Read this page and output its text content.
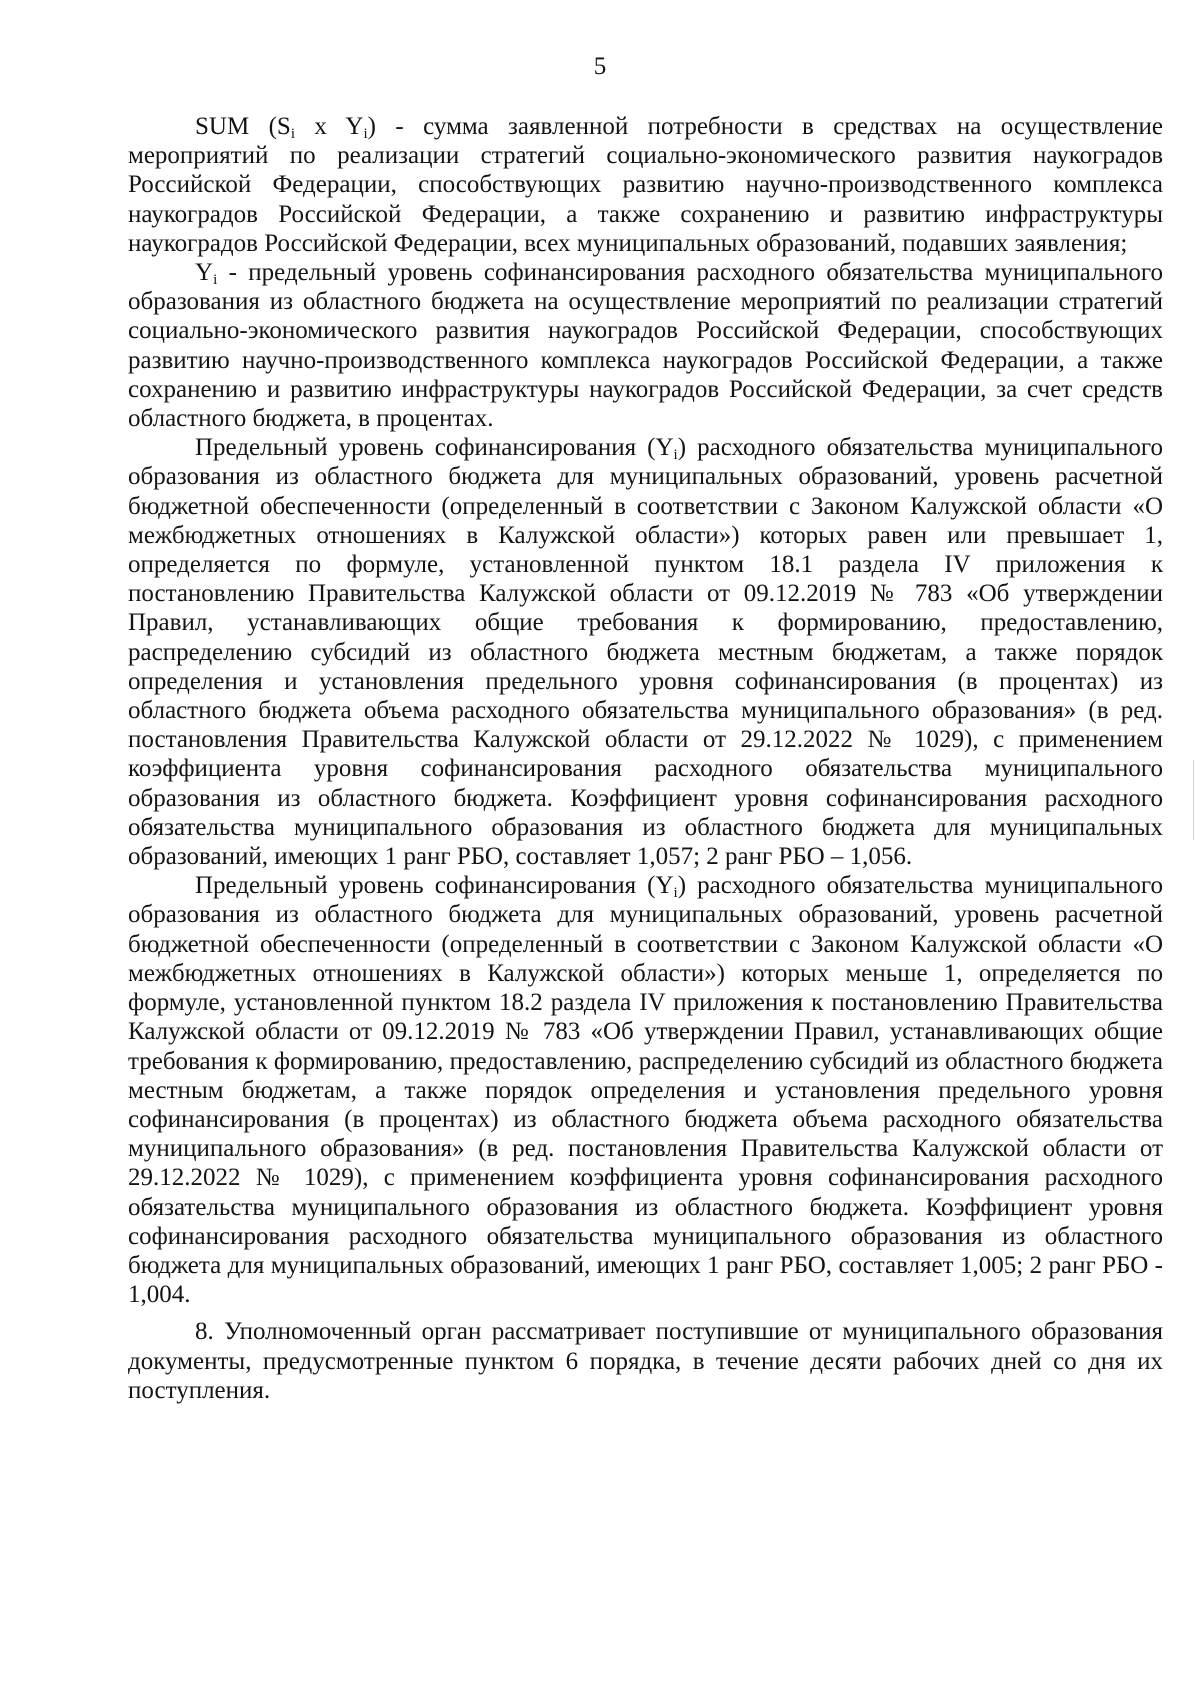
5

SUM ($S_i$ x $Y_i$) - сумма заявленной потребности в средствах на осуществление мероприятий по реализации стратегий социально-экономического развития наукоградов Российской Федерации, способствующих развитию научно-производственного комплекса наукоградов Российской Федерации, а также сохранению и развитию инфраструктуры наукоградов Российской Федерации, всех муниципальных образований, подавших заявления;

$Y_i$ - предельный уровень софинансирования расходного обязательства муниципального образования из областного бюджета на осуществление мероприятий по реализации стратегий социально-экономического развития наукоградов Российской Федерации, способствующих развитию научно-производственного комплекса наукоградов Российской Федерации, а также сохранению и развитию инфраструктуры наукоградов Российской Федерации, за счет средств областного бюджета, в процентах.

Предельный уровень софинансирования $(Y_i)$ расходного обязательства муниципального образования из областного бюджета для муниципальных образований, уровень расчетной бюджетной обеспеченности (определенный в соответствии с Законом Калужской области «О межбюджетных отношениях в Калужской области») которых равен или превышает 1, определяется по формуле, установленной пунктом 18.1 раздела IV приложения к постановлению Правительства Калужской области от 09.12.2019 № 783 «Об утверждении Правил, устанавливающих общие требования к формированию, предоставлению, распределению субсидий из областного бюджета местным бюджетам, а также порядок определения и установления предельного уровня софинансирования (в процентах) из областного бюджета объема расходного обязательства муниципального образования» (в ред. постановления Правительства Калужской области от 29.12.2022 № 1029), с применением коэффициента уровня софинансирования расходного обязательства муниципального образования из областного бюджета. Коэффициент уровня софинансирования расходного обязательства муниципального образования из областного бюджета для муниципальных образований, имеющих 1 ранг РБО, составляет 1,057; 2 ранг РБО – 1,056.

Предельный уровень софинансирования $(Y_i)$ расходного обязательства муниципального образования из областного бюджета для муниципальных образований, уровень расчетной бюджетной обеспеченности (определенный в соответствии с Законом Калужской области «О межбюджетных отношениях в Калужской области») которых меньше 1, определяется по формуле, установленной пунктом 18.2 раздела IV приложения к постановлению Правительства Калужской области от 09.12.2019 № 783 «Об утверждении Правил, устанавливающих общие требования к формированию, предоставлению, распределению субсидий из областного бюджета местным бюджетам, а также порядок определения и установления предельного уровня софинансирования (в процентах) из областного бюджета объема расходного обязательства муниципального образования» (в ред. постановления Правительства Калужской области от 29.12.2022 № 1029), с применением коэффициента уровня софинансирования расходного обязательства муниципального образования из областного бюджета. Коэффициент уровня софинансирования расходного обязательства муниципального образования из областного бюджета для муниципальных образований, имеющих 1 ранг РБО, составляет 1,005; 2 ранг РБО - 1,004.

8. Уполномоченный орган рассматривает поступившие от муниципального образования документы, предусмотренные пунктом 6 порядка, в течение десяти рабочих дней со дня их поступления.
